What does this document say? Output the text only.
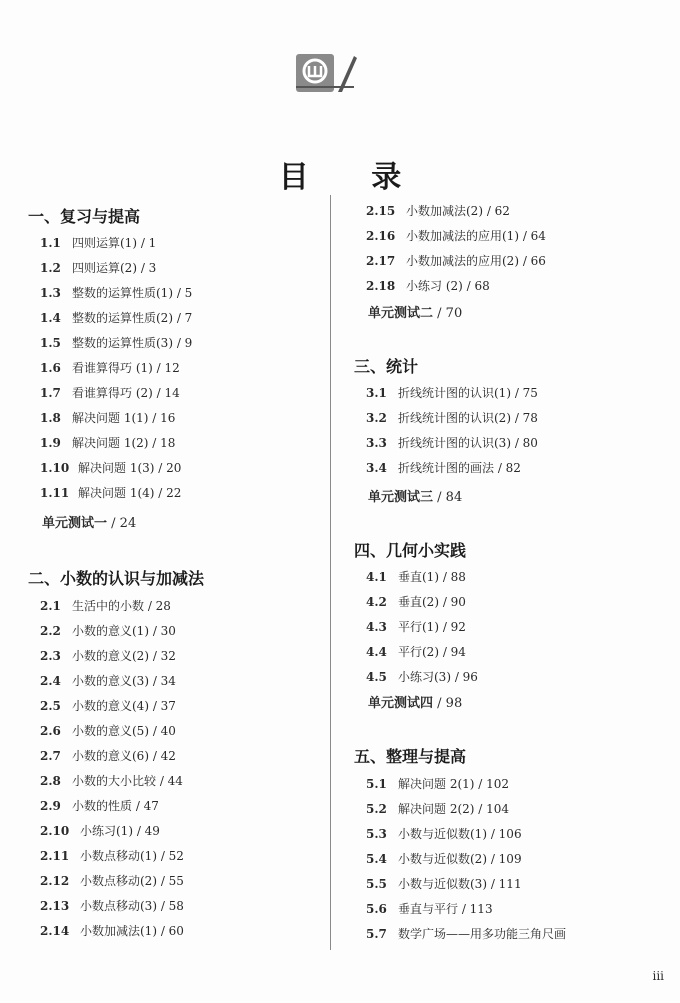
目 录
一、复习与提高
1.1 四则运算(1) / 1
1.2 四则运算(2) / 3
1.3 整数的运算性质(1) / 5
1.4 整数的运算性质(2) / 7
1.5 整数的运算性质(3) / 9
1.6 看谁算得巧 (1) / 12
1.7 看谁算得巧 (2) / 14
1.8 解决问题 1(1) / 16
1.9 解决问题 1(2) / 18
1.10 解决问题 1(3) / 20
1.11 解决问题 1(4) / 22
单元测试一 / 24
二、小数的认识与加减法
2.1 生活中的小数 / 28
2.2 小数的意义(1) / 30
2.3 小数的意义(2) / 32
2.4 小数的意义(3) / 34
2.5 小数的意义(4) / 37
2.6 小数的意义(5) / 40
2.7 小数的意义(6) / 42
2.8 小数的大小比较 / 44
2.9 小数的性质 / 47
2.10 小练习(1) / 49
2.11 小数点移动(1) / 52
2.12 小数点移动(2) / 55
2.13 小数点移动(3) / 58
2.14 小数加减法(1) / 60
2.15 小数加减法(2) / 62
2.16 小数加减法的应用(1) / 64
2.17 小数加减法的应用(2) / 66
2.18 小练习 (2) / 68
单元测试二 / 70
三、统计
3.1 折线统计图的认识(1) / 75
3.2 折线统计图的认识(2) / 78
3.3 折线统计图的认识(3) / 80
3.4 折线统计图的画法 / 82
单元测试三 / 84
四、几何小实践
4.1 垂直(1) / 88
4.2 垂直(2) / 90
4.3 平行(1) / 92
4.4 平行(2) / 94
4.5 小练习(3) / 96
单元测试四 / 98
五、整理与提高
5.1 解决问题 2(1) / 102
5.2 解决问题 2(2) / 104
5.3 小数与近似数(1) / 106
5.4 小数与近似数(2) / 109
5.5 小数与近似数(3) / 111
5.6 垂直与平行 / 113
5.7 数学广场——用多功能三角尺画
iii
